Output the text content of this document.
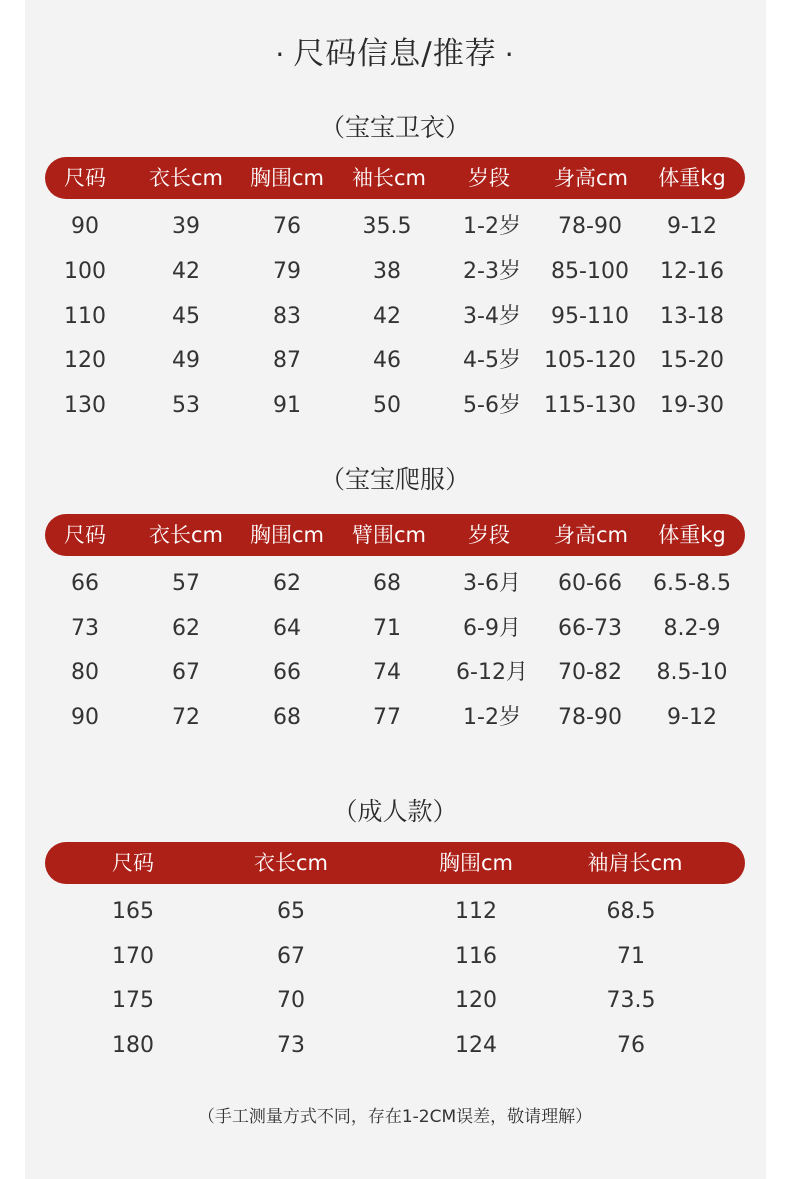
· 尺码信息/推荐 ·
（宝宝卫衣）
尺码 衣长cm 胸围cm 袖长cm 岁段 身高cm 体重kg
90	39	76	35.5 1-2岁 78-90 9-12
100	42	79	38	2-3岁 85-100 12-16
110	45	83	42	3-4岁 95-110 13-18
120	49	87	46	4-5岁 105-120 15-20
130	53	91	50	5-6岁 115-130 19-30
（宝宝爬服）
尺码 衣长cm 胸围cm 臂围cm 岁段 身高cm 体重kg
66	57	62	68	3-6月 60-66 6.5-8.5
73	62	64	71	6-9月 66-73 8.2-9
80	67	66	74	6-12月 70-82 8.5-10
90	72	68	77	1-2岁 78-90 9-12
（成人款）
尺码	衣长cm	胸围cm	袖肩长cm
165	65	112	68.5
170	67	116	71
175	70	120	73.5
180	73	124	76
（手工测量方式不同，存在1-2CM误差，敬请理解）
